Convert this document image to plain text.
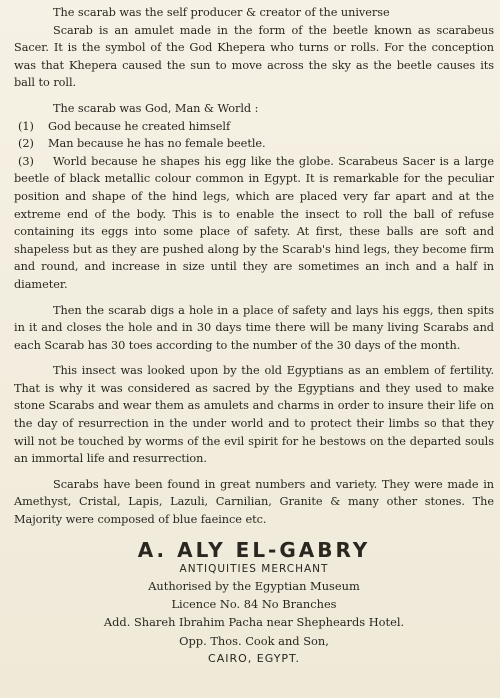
The scarab was the self producer & creator of the universe

Scarab is an amulet made in the form of the beetle known as scarabeus Sacer. It is the symbol of the God Khepera who turns or rolls. For the conception was that Khepera caused the sun to move across the sky as the beetle causes its ball to roll.

The scarab was God, Man & World :

(1) God because he created himself

(2) Man because he has no female beetle.

(3) World because he shapes his egg like the globe. Scarabeus Sacer is a large beetle of black metallic colour common in Egypt. It is remarkable for the peculiar position and shape of the hind legs, which are placed very far apart and at the extreme end of the body. This is to enable the insect to roll the ball of refuse containing its eggs into some place of safety. At first, these balls are soft and shapeless but as they are pushed along by the Scarab's hind legs, they become firm and round, and increase in size until they are sometimes an inch and a half in diameter.

Then the scarab digs a hole in a place of safety and lays his eggs, then spits in it and closes the hole and in 30 days time there will be many living Scarabs and each Scarab has 30 toes according to the number of the 30 days of the month.

This insect was looked upon by the old Egyptians as an emblem of fertility. That is why it was considered as sacred by the Egyptians and they used to make stone Scarabs and wear them as amulets and charms in order to insure their life on the day of resurrection in the under world and to protect their limbs so that they will not be touched by worms of the evil spirit for he bestows on the departed souls an immortal life and resurrection.

Scarabs have been found in great numbers and variety. They were made in Amethyst, Cristal, Lapis, Lazuli, Carnilian, Granite & many other stones. The Majority were composed of blue faeince etc.

A. ALY EL-GABRY
ANTIQUITIES MERCHANT
Authorised by the Egyptian Museum
Licence No. 84 No Branches
Add. Shareh Ibrahim Pacha near Shepheards Hotel.
Opp. Thos. Cook and Son,
CAIRO, EGYPT.
